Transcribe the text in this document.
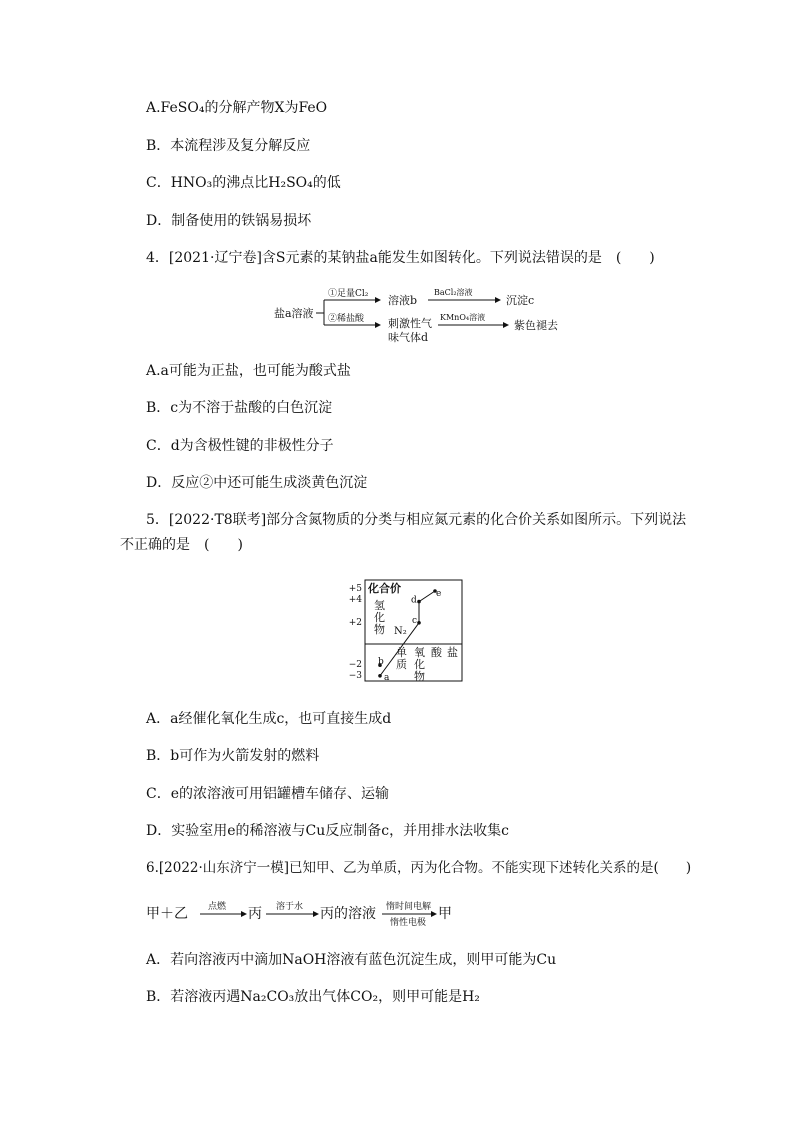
A.FeSO₄的分解产物X为FeO
B．本流程涉及复分解反应
C．HNO₃的沸点比H₂SO₄的低
D．制备使用的铁锅易损坏
4．[2021·辽宁卷]含S元素的某钠盐a能发生如图转化。下列说法错误的是　(　　)
盐a溶液
①足量Cl₂
②稀盐酸
溶液b
BaCl₂溶液
沉淀c
刺激性气
味气体d
KMnO₄溶液
紫色褪去
A.a可能为正盐，也可能为酸式盐
B．c为不溶于盐酸的白色沉淀
C．d为含极性键的非极性分子
D．反应②中还可能生成淡黄色沉淀
5．[2022·T8联考]部分含氮物质的分类与相应氮元素的化合价关系如图所示。下列说法
不正确的是　(　　)
化合价
+5
+4
+2
−2
−3
氢
化
物
单
质
氧
化
物
酸 盐
N₂
a
b
c
d
e
A．a经催化氧化生成c，也可直接生成d
B．b可作为火箭发射的燃料
C．e的浓溶液可用铝罐槽车储存、运输
D．实验室用e的稀溶液与Cu反应制备c，并用排水法收集c
6.[2022·山东济宁一模]已知甲、乙为单质，丙为化合物。不能实现下述转化关系的是(　　)
甲＋乙 点燃 丙 溶于水 丙的溶液 惰时间电解
惰性电极
甲
A．若向溶液丙中滴加NaOH溶液有蓝色沉淀生成，则甲可能为Cu
B．若溶液丙遇Na₂CO₃放出气体CO₂，则甲可能是H₂
